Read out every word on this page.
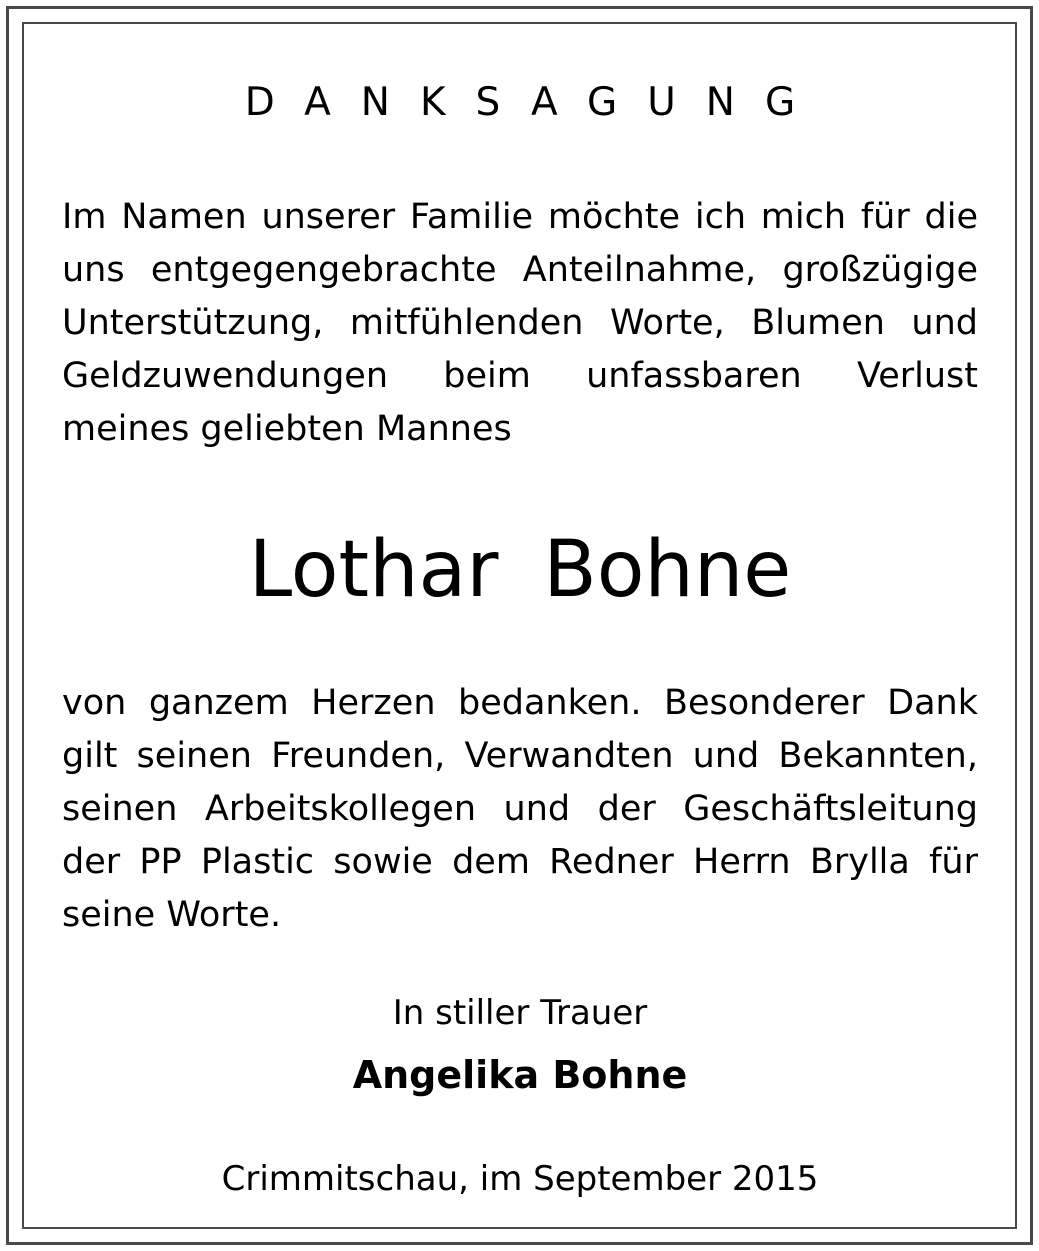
DANKSAGUNG

Im Namen unserer Familie möchte ich mich für die uns entgegengebrachte Anteilnahme, großzügige Unterstützung, mitfühlenden Worte, Blumen und Geldzuwendungen beim unfassbaren Verlust meines geliebten Mannes

Lothar Bohne

von ganzem Herzen bedanken. Besonderer Dank gilt seinen Freunden, Verwandten und Bekannten, seinen Arbeitskollegen und der Geschäftsleitung der PP Plastic sowie dem Redner Herrn Brylla für seine Worte.

In stiller Trauer
Angelika Bohne
Crimmitschau, im September 2015
